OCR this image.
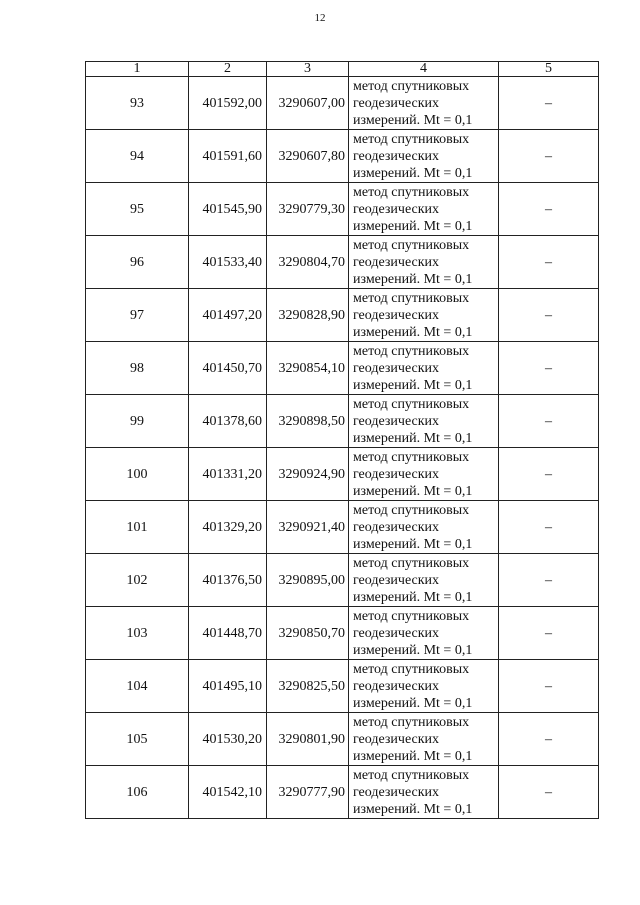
12
1	2	3	4	5
93	401592,00	3290607,00	метод спутниковых
геодезических
измерений. Mt = 0,1	–
94	401591,60	3290607,80	метод спутниковых
геодезических
измерений. Mt = 0,1	–
95	401545,90	3290779,30	метод спутниковых
геодезических
измерений. Mt = 0,1	–
96	401533,40	3290804,70	метод спутниковых
геодезических
измерений. Mt = 0,1	–
97	401497,20	3290828,90	метод спутниковых
геодезических
измерений. Mt = 0,1	–
98	401450,70	3290854,10	метод спутниковых
геодезических
измерений. Mt = 0,1	–
99	401378,60	3290898,50	метод спутниковых
геодезических
измерений. Mt = 0,1	–
100	401331,20	3290924,90	метод спутниковых
геодезических
измерений. Mt = 0,1	–
101	401329,20	3290921,40	метод спутниковых
геодезических
измерений. Mt = 0,1	–
102	401376,50	3290895,00	метод спутниковых
геодезических
измерений. Mt = 0,1	–
103	401448,70	3290850,70	метод спутниковых
геодезических
измерений. Mt = 0,1	–
104	401495,10	3290825,50	метод спутниковых
геодезических
измерений. Mt = 0,1	–
105	401530,20	3290801,90	метод спутниковых
геодезических
измерений. Mt = 0,1	–
106	401542,10	3290777,90	метод спутниковых
геодезических
измерений. Mt = 0,1	–
